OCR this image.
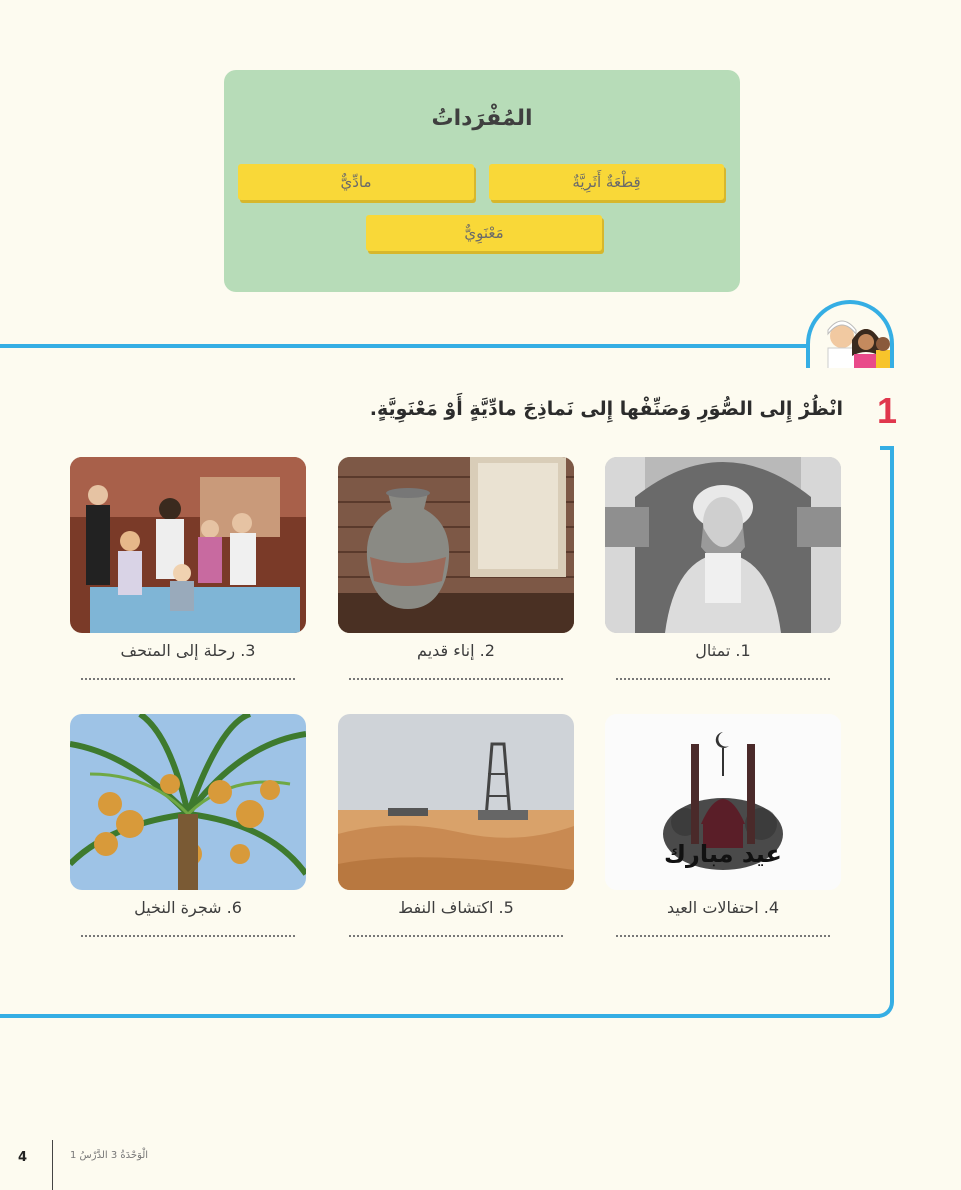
المُفْرَداتُ
قِطْعَةٌ أَثَرِيَّةٌ
مادِّيٌّ
مَعْنَوِيٌّ
1
انْظُرْ إِلى الصُّوَرِ وَصَنِّفْها إِلى نَماذِجَ مادِّيَّةٍ أَوْ مَعْنَوِيَّةٍ.
1. تمثال
2. إناء قديم
3. رحلة إلى المتحف
عيد مبارك
4. احتفالات العيد
5. اكتشاف النفط
6. شجرة النخيل
4	الْوَحْدَةُ 3 الدَّرْسُ 1
